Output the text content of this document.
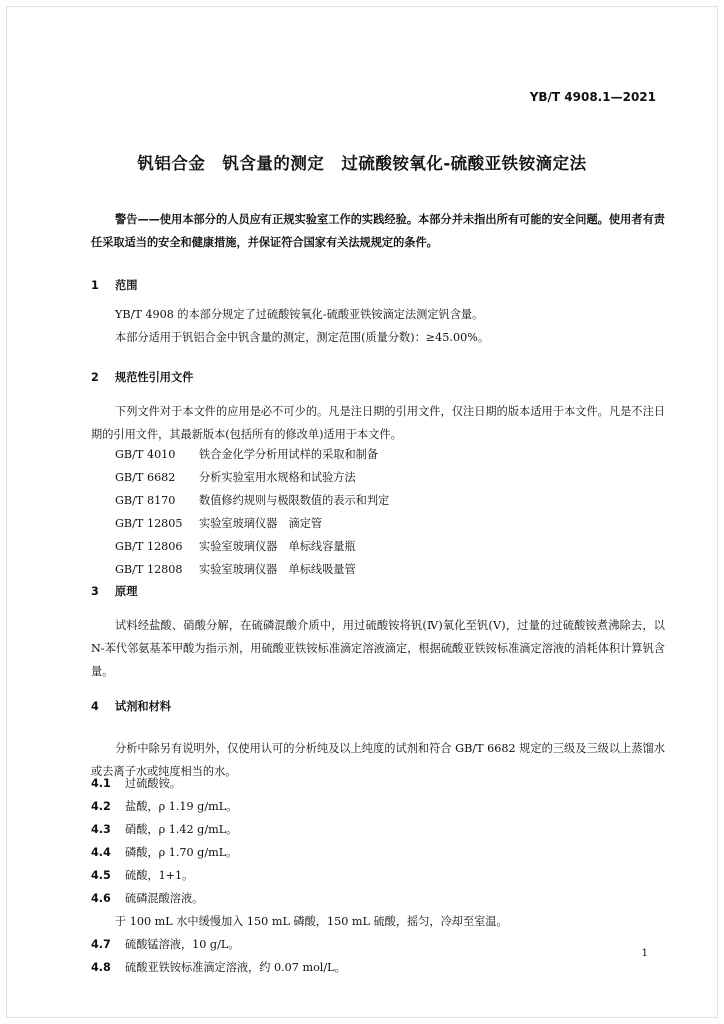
YB/T 4908.1—2021
钒铝合金　钒含量的测定　过硫酸铵氧化-硫酸亚铁铵滴定法
警告——使用本部分的人员应有正规实验室工作的实践经验。本部分并未指出所有可能的安全问题。使用者有责任采取适当的安全和健康措施，并保证符合国家有关法规规定的条件。
1 范围
YB/T 4908 的本部分规定了过硫酸铵氧化-硫酸亚铁铵滴定法测定钒含量。
本部分适用于钒铝合金中钒含量的测定，测定范围(质量分数)：≥45.00%。
2 规范性引用文件
下列文件对于本文件的应用是必不可少的。凡是注日期的引用文件，仅注日期的版本适用于本文件。凡是不注日期的引用文件，其最新版本(包括所有的修改单)适用于本文件。
GB/T 4010 铁合金化学分析用试样的采取和制备
GB/T 6682 分析实验室用水规格和试验方法
GB/T 8170 数值修约规则与极限数值的表示和判定
GB/T 12805 实验室玻璃仪器　滴定管
GB/T 12806 实验室玻璃仪器　单标线容量瓶
GB/T 12808 实验室玻璃仪器　单标线吸量管
3 原理
试料经盐酸、硝酸分解，在硫磷混酸介质中，用过硫酸铵将钒(Ⅳ)氧化至钒(Ⅴ)，过量的过硫酸铵煮沸除去，以 N-苯代邻氨基苯甲酸为指示剂，用硫酸亚铁铵标准滴定溶液滴定，根据硫酸亚铁铵标准滴定溶液的消耗体积计算钒含量。
4 试剂和材料
分析中除另有说明外，仅使用认可的分析纯及以上纯度的试剂和符合 GB/T 6682 规定的三级及三级以上蒸馏水或去离子水或纯度相当的水。
4.1 过硫酸铵。
4.2 盐酸，ρ 1.19 g/mL。
4.3 硝酸，ρ 1.42 g/mL。
4.4 磷酸，ρ 1.70 g/mL。
4.5 硫酸，1+1。
4.6 硫磷混酸溶液。
于 100 mL 水中缓慢加入 150 mL 磷酸，150 mL 硫酸，摇匀，冷却至室温。
4.7 硫酸锰溶液，10 g/L。
4.8 硫酸亚铁铵标准滴定溶液，约 0.07 mol/L。
1
